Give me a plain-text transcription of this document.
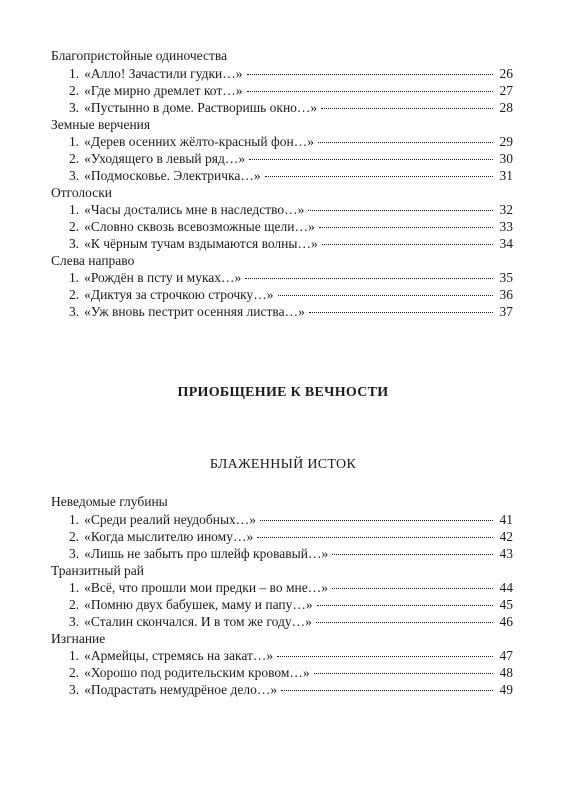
Благопристойные одиночества
1. «Алло! Зачастили гудки…»	26
2. «Где мирно дремлет кот…»	27
3. «Пустынно в доме. Растворишь окно…»	28
Земные верчения
1. «Дерев осенних жёлто-красный фон…»	29
2. «Уходящего в левый ряд…»	30
3. «Подмосковье. Электричка…»	31
Отголоски
1. «Часы достались мне в наследство…»	32
2. «Словно сквозь всевозможные щели…»	33
3. «К чёрным тучам вздымаются волны…»	34
Слева направо
1. «Рождён в псту и муках…»	35
2. «Диктуя за строчкою строчку…»	36
3. «Уж вновь пестрит осенняя листва…»	37
ПРИОБЩЕНИЕ К ВЕЧНОСТИ
БЛАЖЕННЫЙ ИСТОК
Неведомые глубины
1. «Среди реалий неудобных…»	41
2. «Когда мыслителю иному…»	42
3. «Лишь не забыть про шлейф кровавый…»	43
Транзитный рай
1. «Всё, что прошли мои предки – во мне…»	44
2. «Помню двух бабушек, маму и папу…»	45
3. «Сталин скончался. И в том же году…»	46
Изгнание
1. «Армейцы, стремясь на закат…»	47
2. «Хорошо под родительским кровом…»	48
3. «Подрастать немудрёное дело…»	49
